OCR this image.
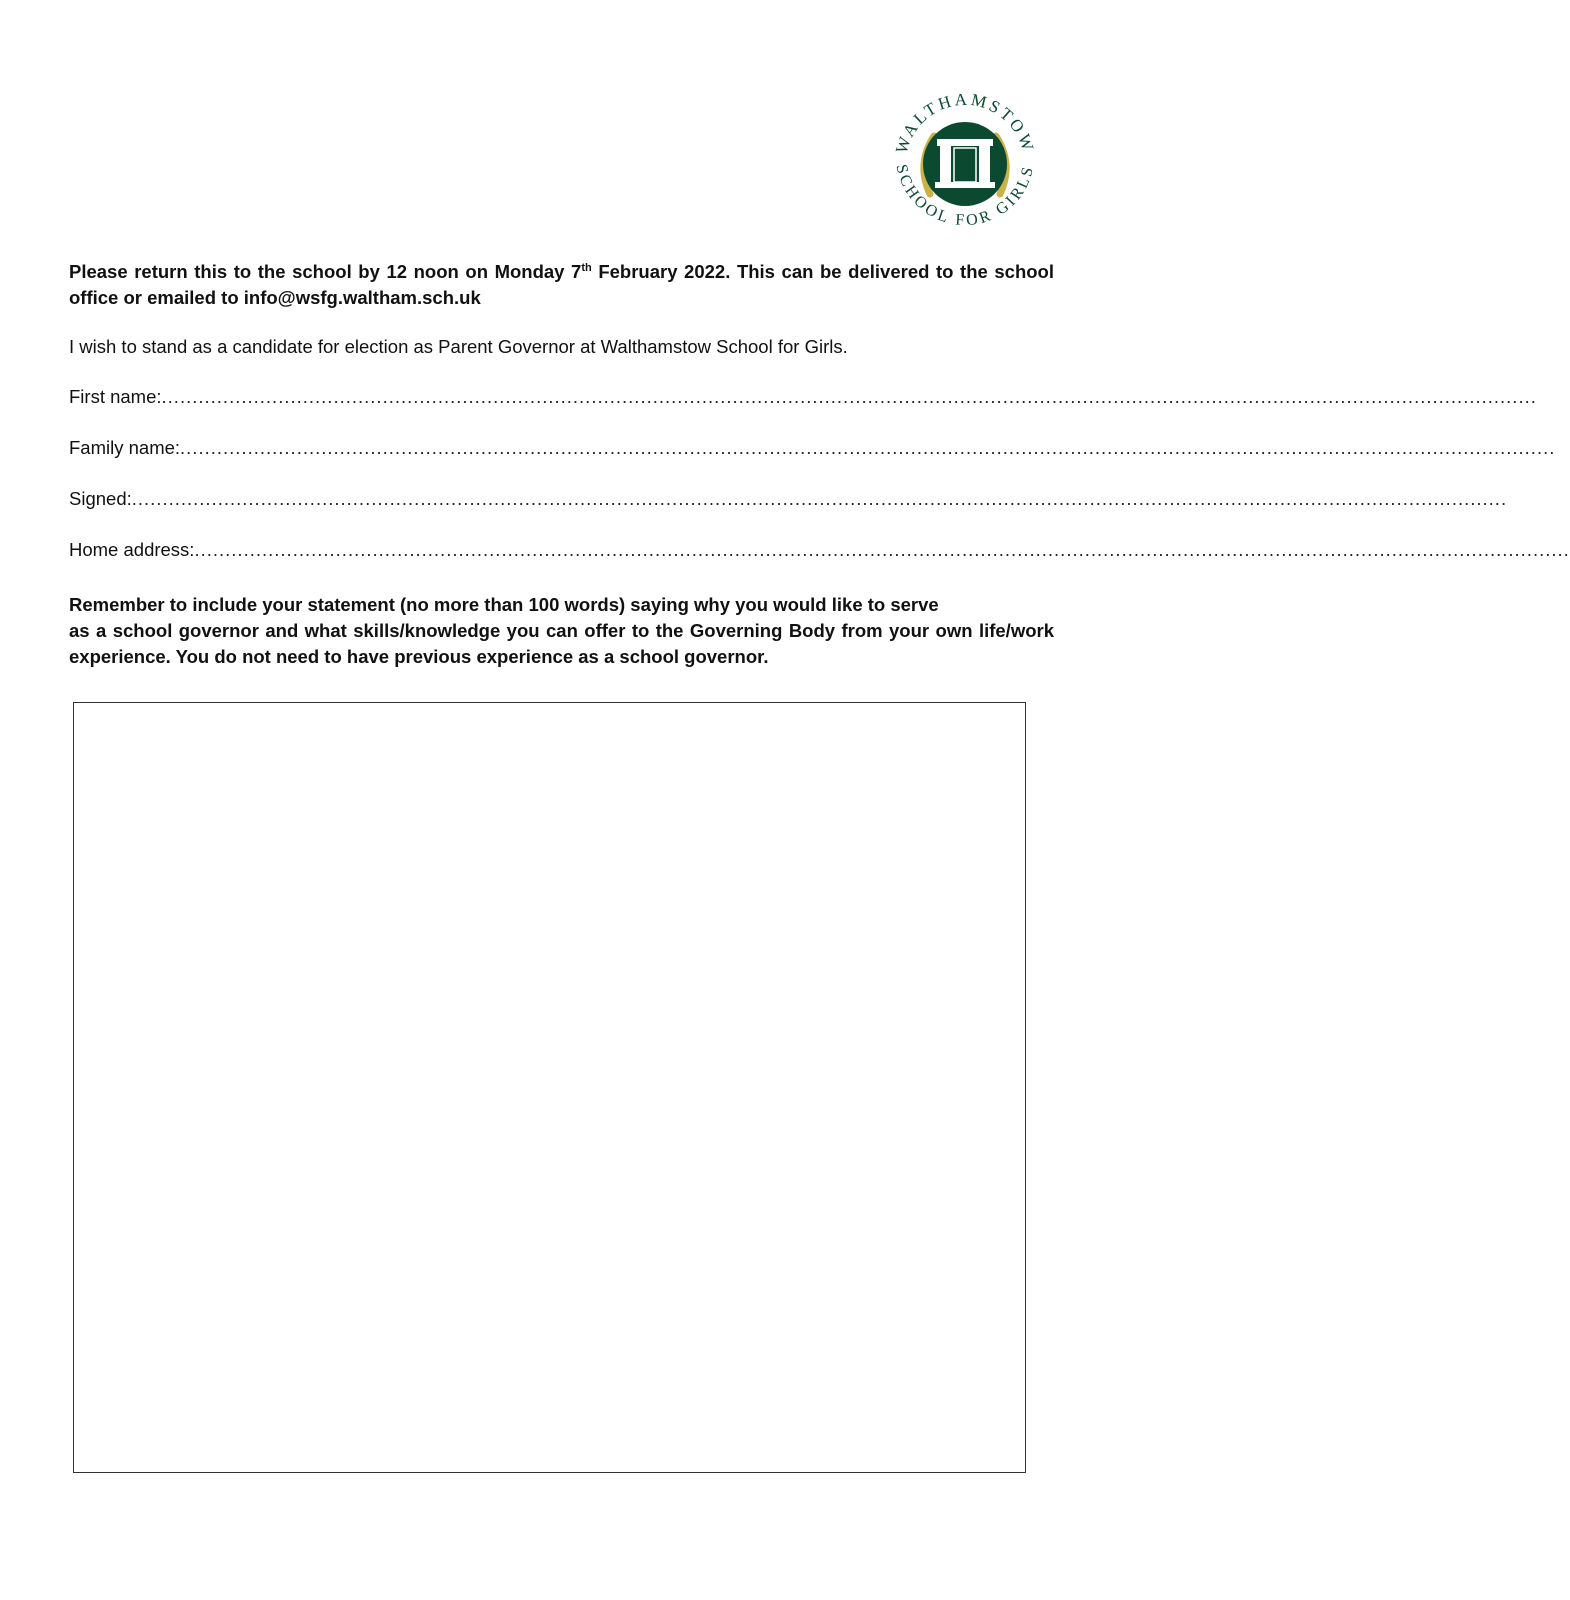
WALTHAMSTOW
SCHOOL FOR GIRLS
Please return this to the school by 12 noon on Monday 7th February 2022. This can be delivered to the school office or emailed to info@wsfg.waltham.sch.uk
I wish to stand as a candidate for election as Parent Governor at Walthamstow School for Girls.
First name: ................................................................................................................................................................................................................................
Family name: ................................................................................................................................................................................................................................
Signed: ................................................................................................................................................................................................................................
Home address: ................................................................................................................................................................................................................................
Remember to include your statement (no more than 100 words) saying why you would like to serve
as a school governor and what skills/knowledge you can offer to the Governing Body from your own life/work experience. You do not need to have previous experience as a school governor.
